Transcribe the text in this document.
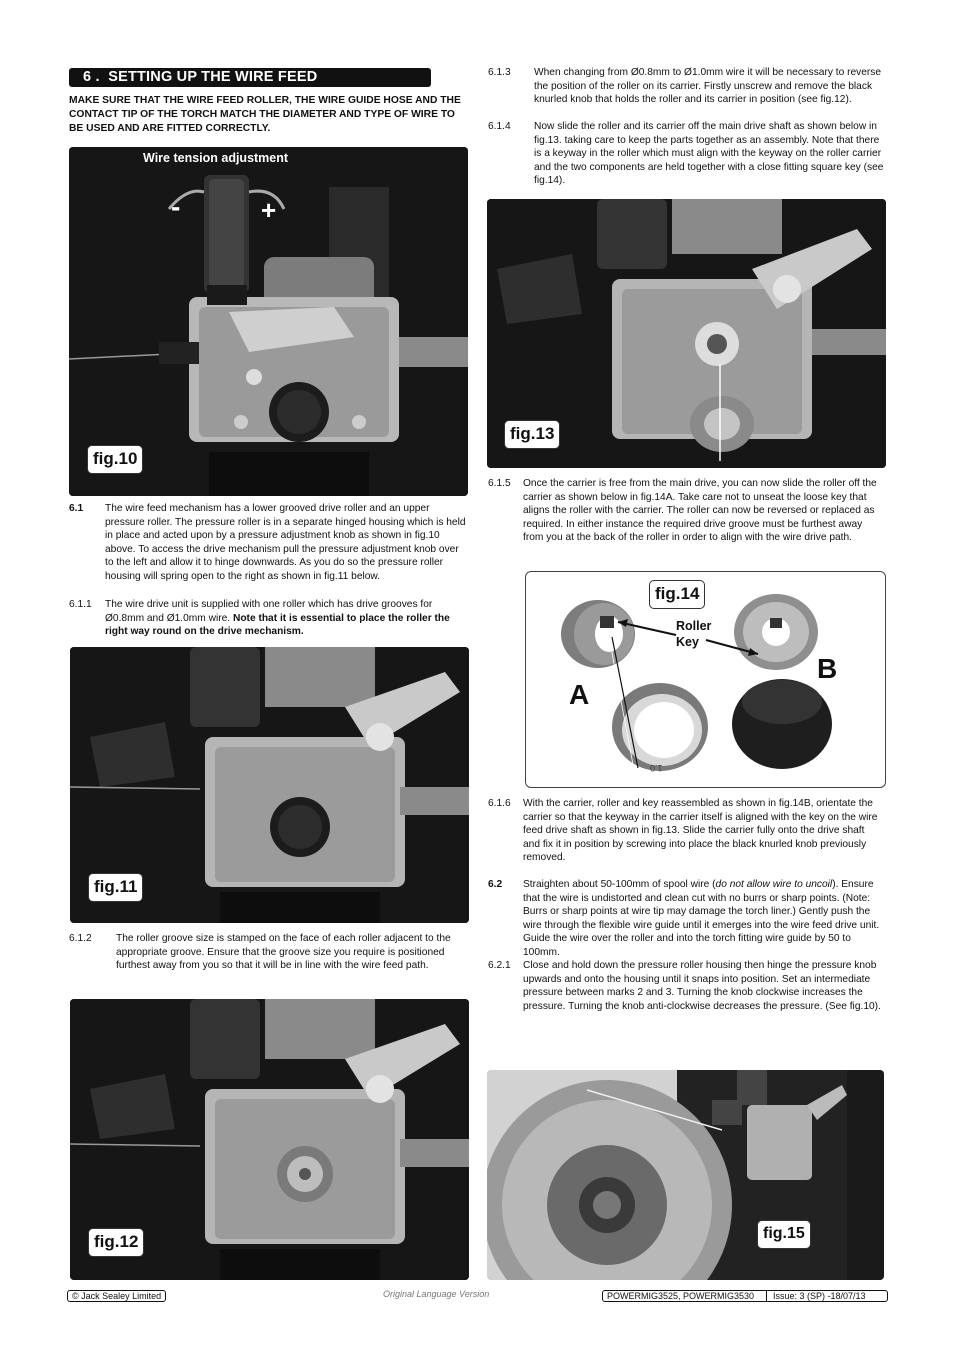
6 . SETTING UP THE WIRE FEED
MAKE SURE THAT THE WIRE FEED ROLLER, THE WIRE GUIDE HOSE AND THE CONTACT TIP OF THE TORCH MATCH THE DIAMETER AND TYPE OF WIRE TO BE USED AND ARE FITTED CORRECTLY.
Wire tension adjustment
-	+
fig.10
6.1 The wire feed mechanism has a lower grooved drive roller and an upper pressure roller. The pressure roller is in a separate hinged housing which is held in place and acted upon by a pressure adjustment knob as shown in fig.10 above. To access the drive mechanism pull the pressure adjustment knob over to the left and allow it to hinge downwards. As you do so the pressure roller housing will spring open to the right as shown in fig.11 below.
6.1.1 The wire drive unit is supplied with one roller which has drive grooves for Ø0.8mm and Ø1.0mm wire. Note that it is essential to place the roller the right way round on the drive mechanism.
fig.11
6.1.2 The roller groove size is stamped on the face of each roller adjacent to the appropriate groove. Ensure that the groove size you require is positioned furthest away from you so that it will be in line with the wire feed path.
fig.12
6.1.3 When changing from Ø0.8mm to Ø1.0mm wire it will be necessary to reverse the position of the roller on its carrier. Firstly unscrew and remove the black knurled knob that holds the roller and its carrier in position (see fig.12).
6.1.4 Now slide the roller and its carrier off the main drive shaft as shown below in fig.13. taking care to keep the parts together as an assembly. Note that there is a keyway in the roller which must align with the keyway on the roller carrier and the two components are held together with a close fitting square key (see fig.14).
fig.13
6.1.5 Once the carrier is free from the main drive, you can now slide the roller off the carrier as shown below in fig.14A. Take care not to unseat the loose key that aligns the roller with the carrier. The roller can now be reversed or replaced as required. In either instance the required drive groove must be furthest away from you at the back of the roller in order to align with the wire drive path.
fig.14
Roller Key
A
B
1.0
6.1.6 With the carrier, roller and key reassembled as shown in fig.14B, orientate the carrier so that the keyway in the carrier itself is aligned with the key on the wire feed drive shaft as shown in fig.13. Slide the carrier fully onto the drive shaft and fix it in position by screwing into place the black knurled knob previously removed.
6.2 Straighten about 50-100mm of spool wire (do not allow wire to uncoil). Ensure that the wire is undistorted and clean cut with no burrs or sharp points. (Note: Burrs or sharp points at wire tip may damage the torch liner.) Gently push the wire through the flexible wire guide until it emerges into the wire feed drive unit. Guide the wire over the roller and into the torch fitting wire guide by 50 to 100mm.
6.2.1 Close and hold down the pressure roller housing then hinge the pressure knob upwards and onto the housing until it snaps into position. Set an intermediate pressure between marks 2 and 3. Turning the knob clockwise increases the pressure. Turning the knob anti-clockwise decreases the pressure. (See fig.10).
fig.15
© Jack Sealey Limited	Original Language Version	POWERMIG3525, POWERMIG3530 Issue: 3 (SP) -18/07/13
